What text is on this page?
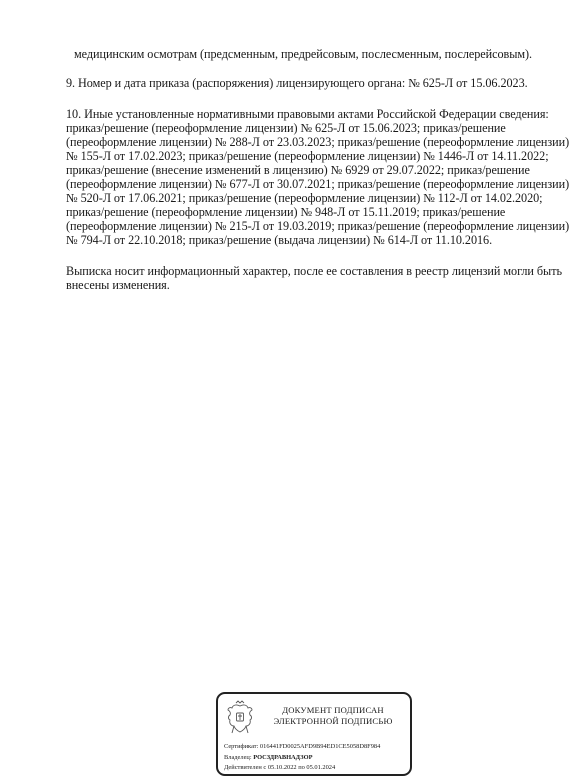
медицинским осмотрам (предсменным, предрейсовым, послесменным, послерейсовым).
9. Номер и дата приказа (распоряжения) лицензирующего органа: № 625-Л от 15.06.2023.
10. Иные установленные нормативными правовыми актами Российской Федерации сведения:
приказ/решение (переоформление лицензии) № 625-Л от 15.06.2023; приказ/решение
(переоформление лицензии) № 288-Л от 23.03.2023; приказ/решение (переоформление лицензии)
№ 155-Л от 17.02.2023; приказ/решение (переоформление лицензии) № 1446-Л от 14.11.2022;
приказ/решение (внесение изменений в лицензию) № 6929 от 29.07.2022; приказ/решение
(переоформление лицензии) № 677-Л от 30.07.2021; приказ/решение (переоформление лицензии)
№ 520-Л от 17.06.2021; приказ/решение (переоформление лицензии) № 112-Л от 14.02.2020;
приказ/решение (переоформление лицензии) № 948-Л от 15.11.2019; приказ/решение
(переоформление лицензии) № 215-Л от 19.03.2019; приказ/решение (переоформление лицензии)
№ 794-Л от 22.10.2018; приказ/решение (выдача лицензии) № 614-Л от 11.10.2016.
Выписка носит информационный характер, после ее составления в реестр лицензий могли быть
внесены изменения.
ДОКУМЕНТ ПОДПИСАН
ЭЛЕКТРОННОЙ ПОДПИСЬЮ
Сертификат: 016441FD0025AFD9B94ED1CE5058D8F984
Владелец: РОСЗДРАВНАДЗОР
Действителен с 05.10.2022 по 05.01.2024
